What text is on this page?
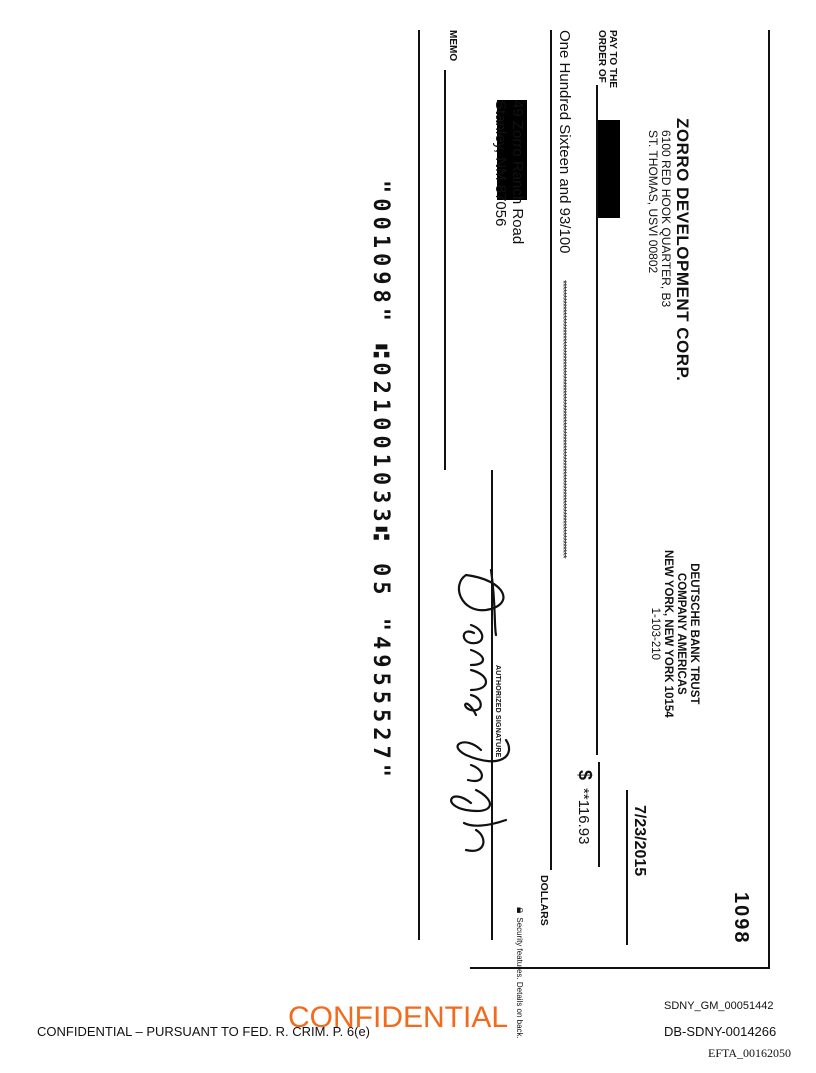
ZORRO DEVELOPMENT CORP.
6100 RED HOOK QUARTER, B3
ST. THOMAS, USVI 00802
DEUTSCHE BANK TRUST
COMPANY AMERICAS
NEW YORK, NEW YORK 10154
1-103-210
1098
7/23/2015
PAY TO THE
ORDER OF
$**116.93
One Hundred Sixteen and 93/100
************************************************************************************************
DOLLARS
49 Zorro Ranch Road
Stanley, NM 87056
MEMO
AUTHORIZED SIGNATURE
🔒︎Security features. Details on back.
"001098" ⑆021001033⑆ 05 "4955527"
CONFIDENTIAL – PURSUANT TO FED. R. CRIM. P. 6(e)
CONFIDENTIAL	SDNY_GM_00051442
DB-SDNY-0014266
EFTA_00162050
